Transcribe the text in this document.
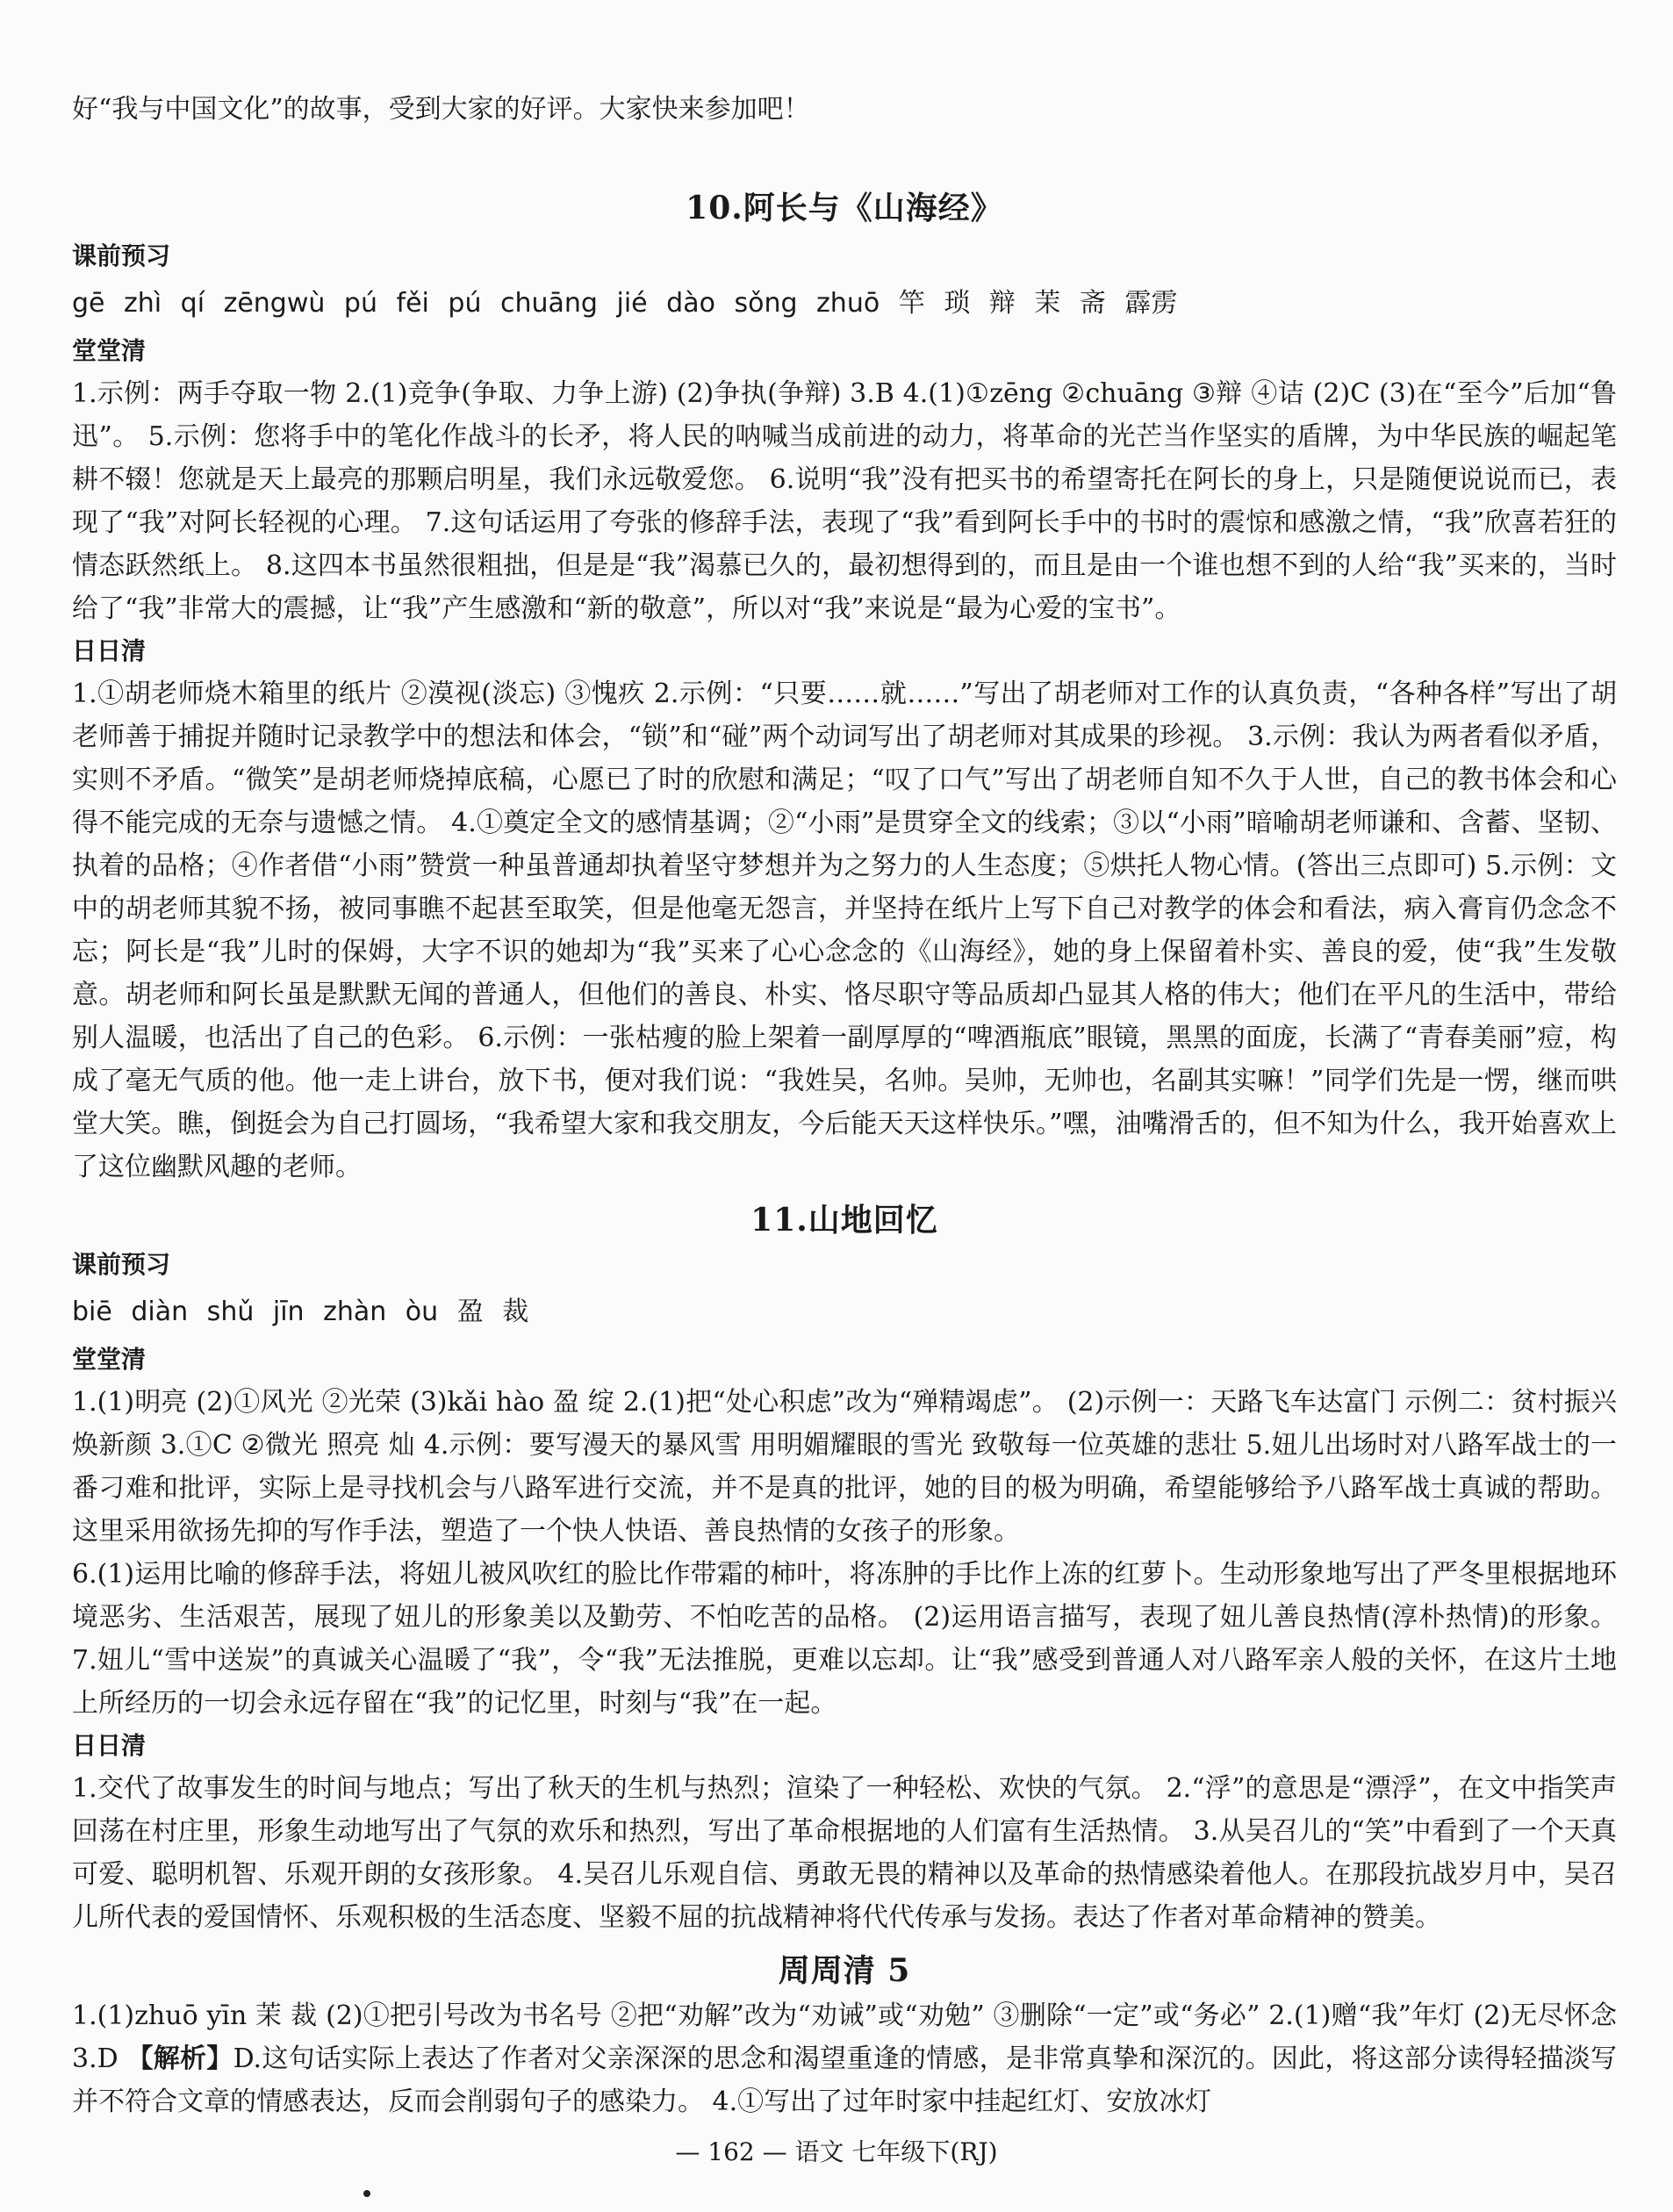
好“我与中国文化”的故事，受到大家的好评。大家快来参加吧！

10.阿长与《山海经》
课前预习
gē zhì qí zēngwù pú fěi pú chuāng jié dào sǒng zhuō 竿 琐 辩 茉 斋 霹雳
堂堂清

1.示例：两手夺取一物 2.(1)竞争(争取、力争上游) (2)争执(争辩) 3.B 4.(1)①zēng ②chuāng ③辩 ④诘 (2)C (3)在“至今”后加“鲁迅”。 5.示例：您将手中的笔化作战斗的长矛，将人民的呐喊当成前进的动力，将革命的光芒当作坚实的盾牌，为中华民族的崛起笔耕不辍！您就是天上最亮的那颗启明星，我们永远敬爱您。 6.说明“我”没有把买书的希望寄托在阿长的身上，只是随便说说而已，表现了“我”对阿长轻视的心理。 7.这句话运用了夸张的修辞手法，表现了“我”看到阿长手中的书时的震惊和感激之情，“我”欣喜若狂的情态跃然纸上。 8.这四本书虽然很粗拙，但是是“我”渴慕已久的，最初想得到的，而且是由一个谁也想不到的人给“我”买来的，当时给了“我”非常大的震撼，让“我”产生感激和“新的敬意”，所以对“我”来说是“最为心爱的宝书”。

日日清

1.①胡老师烧木箱里的纸片 ②漠视(淡忘) ③愧疚 2.示例：“只要……就……”写出了胡老师对工作的认真负责，“各种各样”写出了胡老师善于捕捉并随时记录教学中的想法和体会，“锁”和“碰”两个动词写出了胡老师对其成果的珍视。 3.示例：我认为两者看似矛盾，实则不矛盾。“微笑”是胡老师烧掉底稿，心愿已了时的欣慰和满足；“叹了口气”写出了胡老师自知不久于人世，自己的教书体会和心得不能完成的无奈与遗憾之情。 4.①奠定全文的感情基调；②“小雨”是贯穿全文的线索；③以“小雨”暗喻胡老师谦和、含蓄、坚韧、执着的品格；④作者借“小雨”赞赏一种虽普通却执着坚守梦想并为之努力的人生态度；⑤烘托人物心情。(答出三点即可) 5.示例：文中的胡老师其貌不扬，被同事瞧不起甚至取笑，但是他毫无怨言，并坚持在纸片上写下自己对教学的体会和看法，病入膏肓仍念念不忘；阿长是“我”儿时的保姆，大字不识的她却为“我”买来了心心念念的《山海经》，她的身上保留着朴实、善良的爱，使“我”生发敬意。胡老师和阿长虽是默默无闻的普通人，但他们的善良、朴实、恪尽职守等品质却凸显其人格的伟大；他们在平凡的生活中，带给别人温暖，也活出了自己的色彩。 6.示例：一张枯瘦的脸上架着一副厚厚的“啤酒瓶底”眼镜，黑黑的面庞，长满了“青春美丽”痘，构成了毫无气质的他。他一走上讲台，放下书，便对我们说：“我姓吴，名帅。吴帅，无帅也，名副其实嘛！”同学们先是一愣，继而哄堂大笑。瞧，倒挺会为自己打圆场，“我希望大家和我交朋友，今后能天天这样快乐。”嘿，油嘴滑舌的，但不知为什么，我开始喜欢上了这位幽默风趣的老师。

11.山地回忆
课前预习
biē diàn shǔ jīn zhàn òu 盈 裁
堂堂清

1.(1)明亮 (2)①风光 ②光荣 (3)kǎi hào 盈 绽 2.(1)把“处心积虑”改为“殚精竭虑”。 (2)示例一：天路飞车达富门 示例二：贫村振兴焕新颜 3.①C ②微光 照亮 灿 4.示例：要写漫天的暴风雪 用明媚耀眼的雪光 致敬每一位英雄的悲壮 5.妞儿出场时对八路军战士的一番刁难和批评，实际上是寻找机会与八路军进行交流，并不是真的批评，她的目的极为明确，希望能够给予八路军战士真诚的帮助。这里采用欲扬先抑的写作手法，塑造了一个快人快语、善良热情的女孩子的形象。

6.(1)运用比喻的修辞手法，将妞儿被风吹红的脸比作带霜的柿叶，将冻肿的手比作上冻的红萝卜。生动形象地写出了严冬里根据地环境恶劣、生活艰苦，展现了妞儿的形象美以及勤劳、不怕吃苦的品格。 (2)运用语言描写，表现了妞儿善良热情(淳朴热情)的形象。 7.妞儿“雪中送炭”的真诚关心温暖了“我”，令“我”无法推脱，更难以忘却。让“我”感受到普通人对八路军亲人般的关怀，在这片土地上所经历的一切会永远存留在“我”的记忆里，时刻与“我”在一起。

日日清

1.交代了故事发生的时间与地点；写出了秋天的生机与热烈；渲染了一种轻松、欢快的气氛。 2.“浮”的意思是“漂浮”，在文中指笑声回荡在村庄里，形象生动地写出了气氛的欢乐和热烈，写出了革命根据地的人们富有生活热情。 3.从吴召儿的“笑”中看到了一个天真可爱、聪明机智、乐观开朗的女孩形象。 4.吴召儿乐观自信、勇敢无畏的精神以及革命的热情感染着他人。在那段抗战岁月中，吴召儿所代表的爱国情怀、乐观积极的生活态度、坚毅不屈的抗战精神将代代传承与发扬。表达了作者对革命精神的赞美。

周周清 5

1.(1)zhuō yīn 茉 裁 (2)①把引号改为书名号 ②把“劝解”改为“劝诫”或“劝勉” ③删除“一定”或“务必” 2.(1)赠“我”年灯 (2)无尽怀念 3.D 【解析】D.这句话实际上表达了作者对父亲深深的思念和渴望重逢的情感，是非常真挚和深沉的。因此，将这部分读得轻描淡写并不符合文章的情感表达，反而会削弱句子的感染力。 4.①写出了过年时家中挂起红灯、安放冰灯

— 162 — 语文 七年级下(RJ)
